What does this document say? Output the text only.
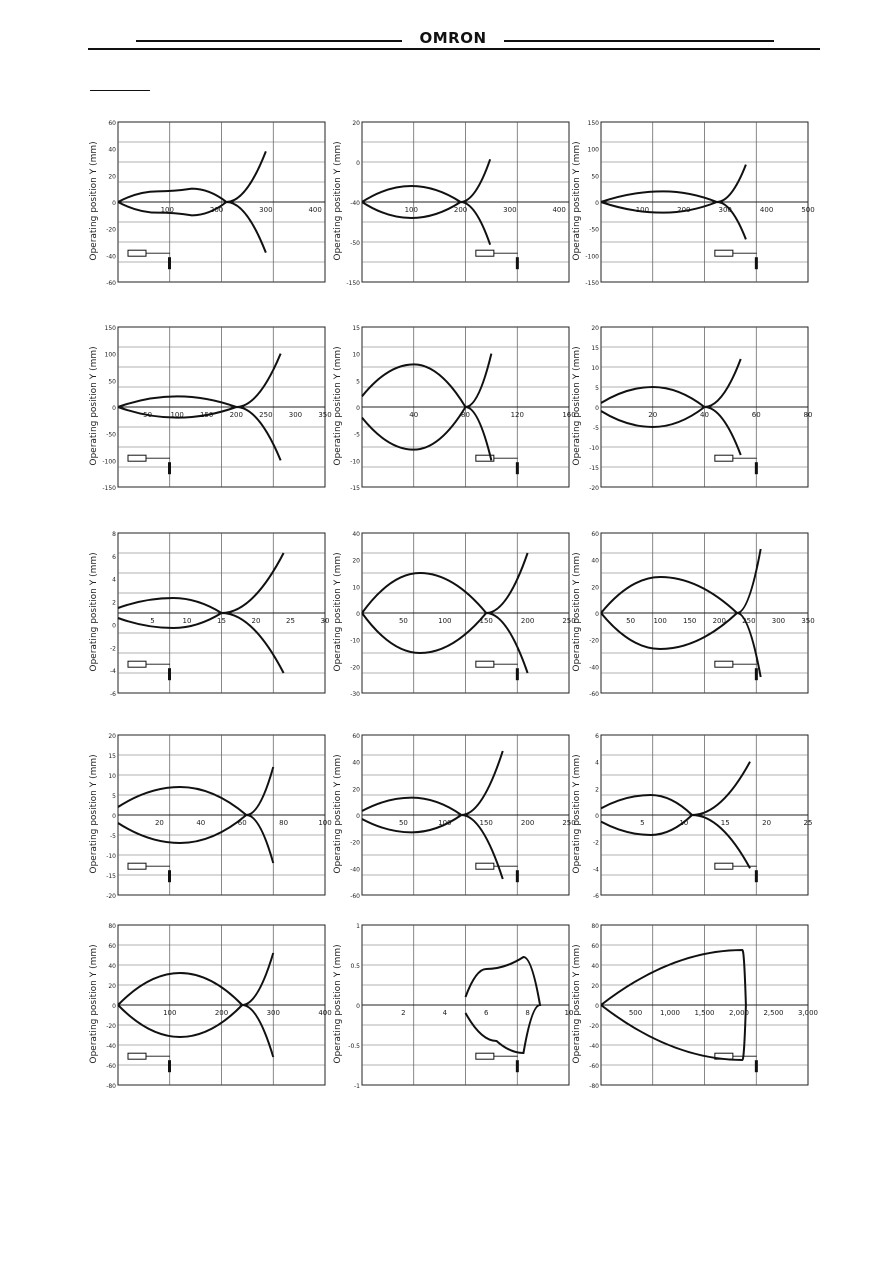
OMRON
Operating position Y (mm)	100	200	300	400
60
40
20
0
-20
-40
-60
Operating position Y (mm)	100	200	300	400
20
0
-40
-50
-150
Operating position Y (mm)	100	200	300	400	500
150
100
50
0
-50
-100
-150
Operating position Y (mm)	50	100 150 200 250 300 350
150
100
50
0
-50
-100
-150
Operating position Y (mm)	40	80	120	160
15
10
5
0
-5
-10
-15
Operating position Y (mm)	20	40	60	80
20
15
10
5
0
-5
-10
-15
-20
Operating position Y (mm)	5	10	15	20	25	30
8
6
4
2
0
-2
-4
-6
Operating position Y (mm)	50	100	150	200	250
40
20
10
0
-10
-20
-30
Operating position Y (mm)	50	100 150 200 250 300 350
60
40
20
0
-20
-40
-60
Operating position Y (mm)	20	40	60	80	100
20
15
10
5
0
-5
-10
-15
-20
Operating position Y (mm)	50	100	150	200	250
60
40
20
0
-20
-40
-60
Operating position Y (mm)	5	10	15	20	25
6
4
2
0
-2
-4
-6
Operating position Y (mm)	100	200	300	400
80
60
40
20
0
-20
-40
-60
-80
Operating position Y (mm)	2	4	6	8	10
1
0.5
0
-0.5
-1
Operating position Y (mm)	500	1,000 1,500 2,000 2,500 3,000
80
60
40
20
0
-20
-40
-60
-80
